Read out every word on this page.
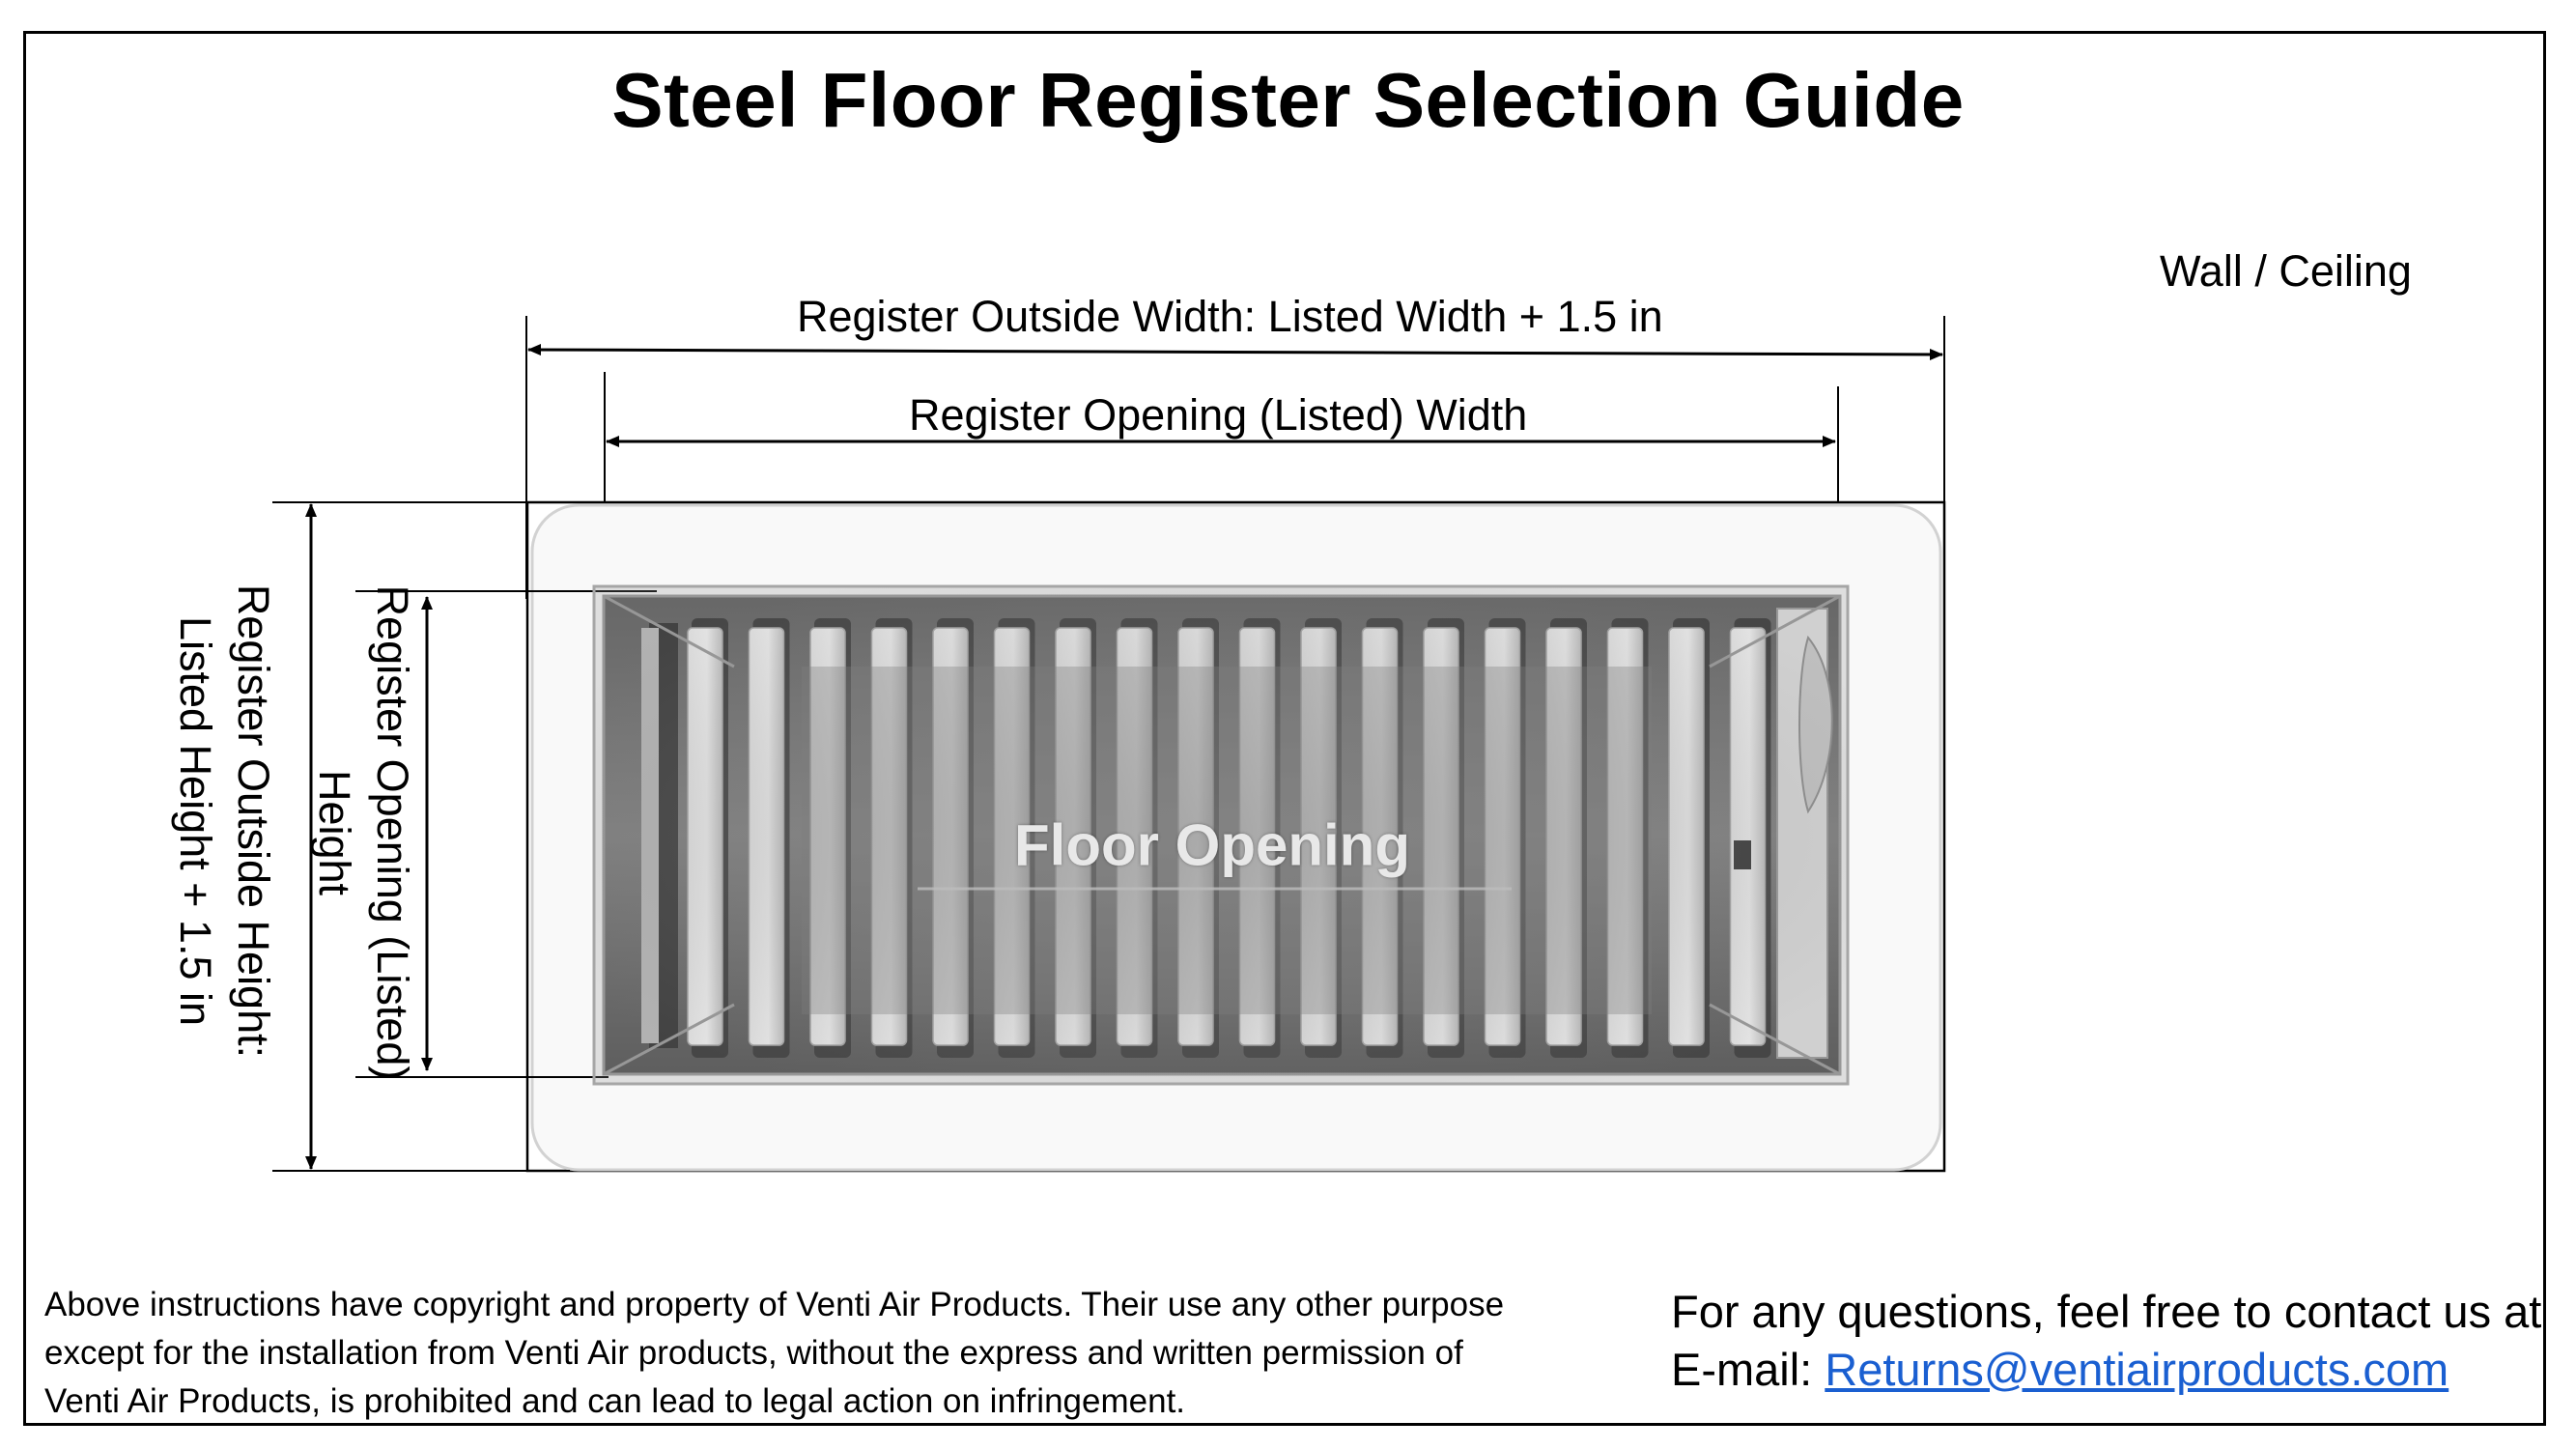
Steel Floor Register Selection Guide
Wall / Ceiling
Floor Opening
Register Outside Width: Listed Width + 1.5 in
Register Opening (Listed) Width
Register Outside Height:
Listed Height + 1.5 in	Register Opening (Listed)
Height
Above instructions have copyright and property of Venti Air Products. Their use any other purpose
except for the installation from Venti Air products, without the express and written permission of
Venti Air Products, is prohibited and can lead to legal action on infringement.
For any questions, feel free to contact us at
E-mail: Returns@ventiairproducts.com
